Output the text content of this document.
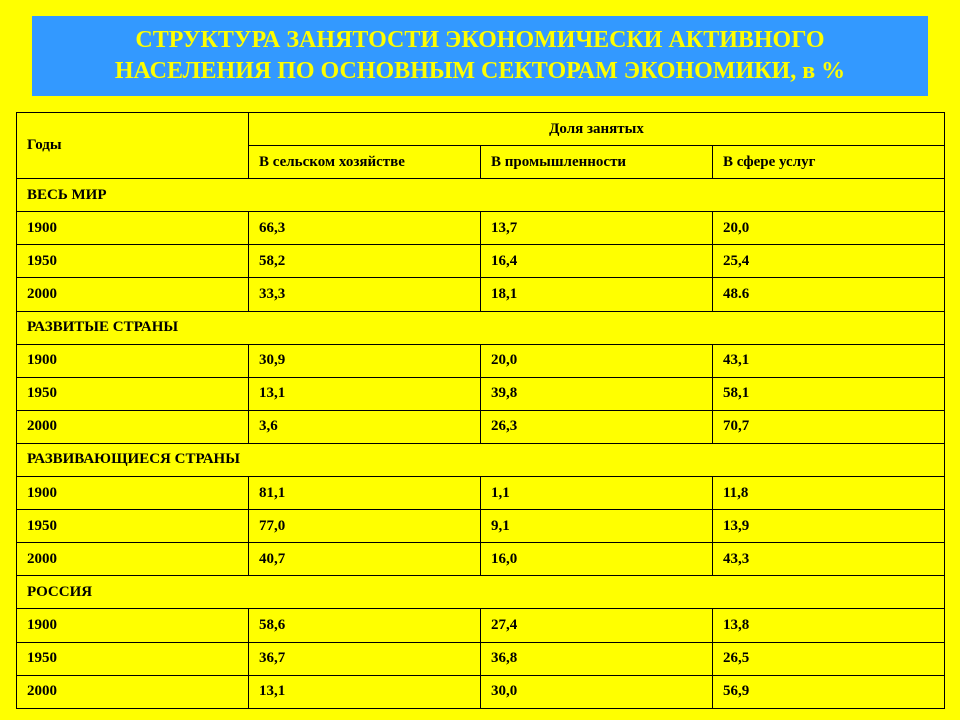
СТРУКТУРА ЗАНЯТОСТИ ЭКОНОМИЧЕСКИ АКТИВНОГО
НАСЕЛЕНИЯ ПО ОСНОВНЫМ СЕКТОРАМ ЭКОНОМИКИ, в %
Годы	Доля занятых		
	В сельском хозяйстве	В промышленности	В сфере услуг
ВЕСЬ МИР			
1900	66,3	13,7	20,0
1950	58,2	16,4	25,4
2000	33,3	18,1	48.6
РАЗВИТЫЕ СТРАНЫ			
1900	30,9	20,0	43,1
1950	13,1	39,8	58,1
2000	3,6	26,3	70,7
РАЗВИВАЮЩИЕСЯ СТРАНЫ			
1900	81,1	1,1	11,8
1950	77,0	9,1	13,9
2000	40,7	16,0	43,3
РОССИЯ			
1900	58,6	27,4	13,8
1950	36,7	36,8	26,5
2000	13,1	30,0	56,9
